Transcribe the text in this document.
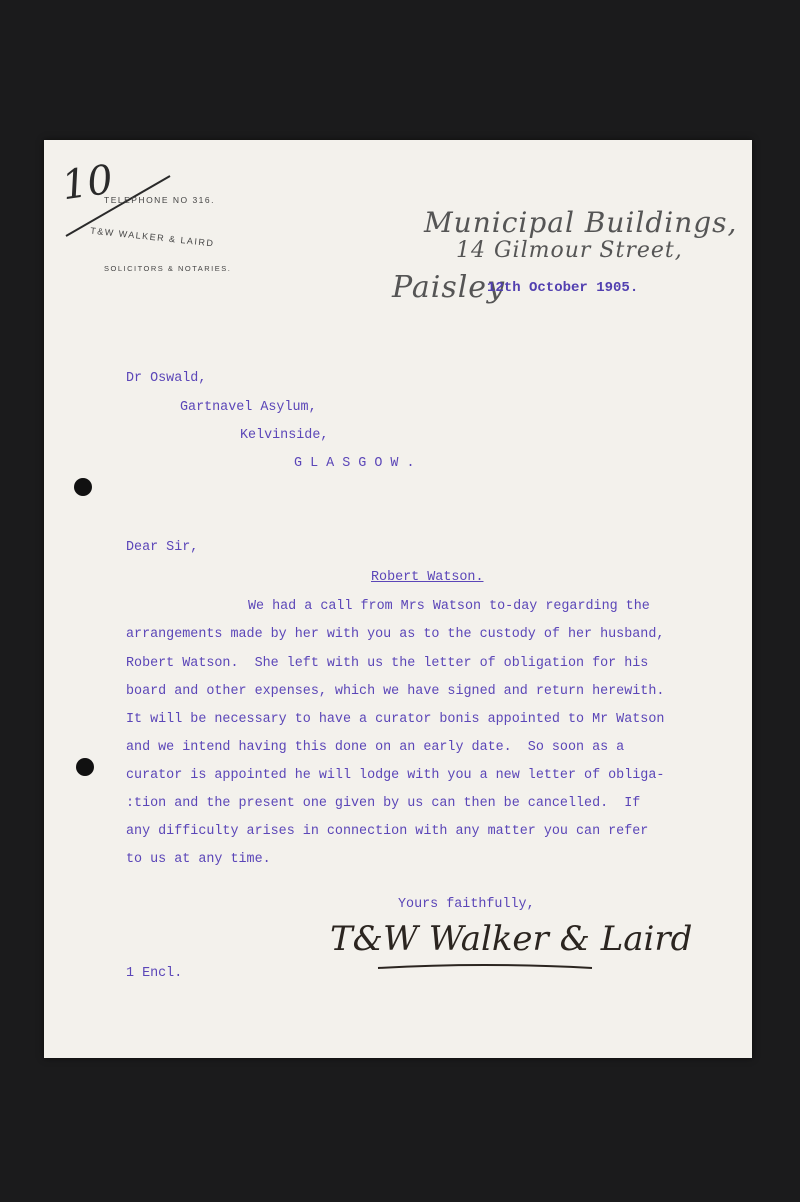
10
TELEPHONE NO 316.
T&W WALKER & LAIRD
SOLICITORS & NOTARIES.
Municipal Buildings,
14 Gilmour Street,
Paisley
12th October 1905.
Dr Oswald,
Gartnavel Asylum,
Kelvinside,
G L A S G O W .
Dear Sir,
Robert Watson.
We had a call from Mrs Watson to-day regarding the
arrangements made by her with you as to the custody of her husband,
Robert Watson.  She left with us the letter of obligation for his
board and other expenses, which we have signed and return herewith.
It will be necessary to have a curator bonis appointed to Mr Watson
and we intend having this done on an early date.  So soon as a
curator is appointed he will lodge with you a new letter of obliga-
:tion and the present one given by us can then be cancelled.  If
any difficulty arises in connection with any matter you can refer
to us at any time.
Yours faithfully,
T&W Walker & Laird
1 Encl.
